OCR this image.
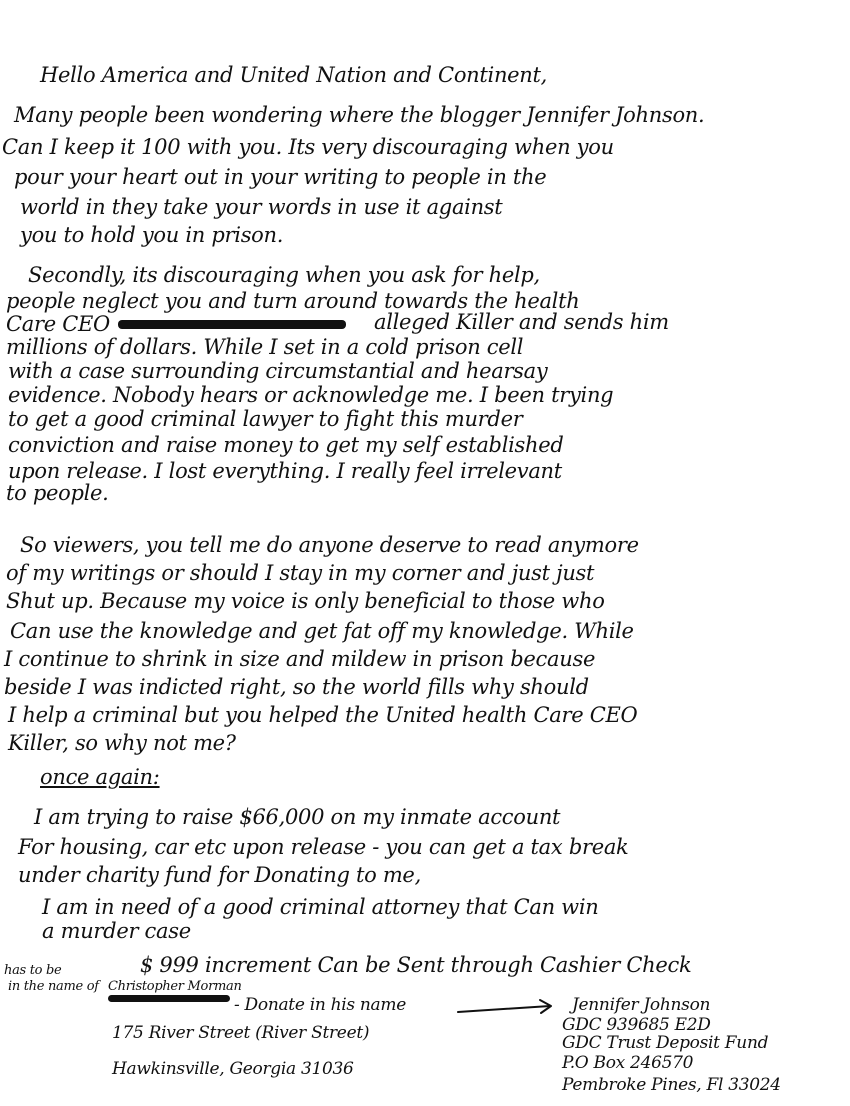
Hello America and United Nation and Continent,
Many people been wondering where the blogger Jennifer Johnson.
Can I keep it 100 with you. Its very discouraging when you
pour your heart out in your writing to people in the
world in they take your words in use it against
you to hold you in prison.
Secondly, its discouraging when you ask for help,
people neglect you and turn around towards the health
Care CEO	alleged Killer and sends him
millions of dollars. While I set in a cold prison cell
with a case surrounding circumstantial and hearsay
evidence. Nobody hears or acknowledge me. I been trying
to get a good criminal lawyer to fight this murder
conviction and raise money to get my self established
upon release. I lost everything. I really feel irrelevant
to people.
So viewers, you tell me do anyone deserve to read anymore
of my writings or should I stay in my corner and just just
Shut up. Because my voice is only beneficial to those who
Can use the knowledge and get fat off my knowledge. While
I continue to shrink in size and mildew in prison because
beside I was indicted right, so the world fills why should
I help a criminal but you helped the United health Care CEO
Killer, so why not me?
once again:
I am trying to raise $66,000 on my inmate account
For housing, car etc upon release - you can get a tax break
under charity fund for Donating to me,
I am in need of a good criminal attorney that Can win
a murder case
has to be
in the name of
$ 999 increment Can be Sent through Cashier Check
Christopher Morman
- Donate in his name
175 River Street (River Street)
Hawkinsville, Georgia 31036
Jennifer Johnson
GDC 939685 E2D
GDC Trust Deposit Fund
P.O Box 246570
Pembroke Pines, Fl 33024
